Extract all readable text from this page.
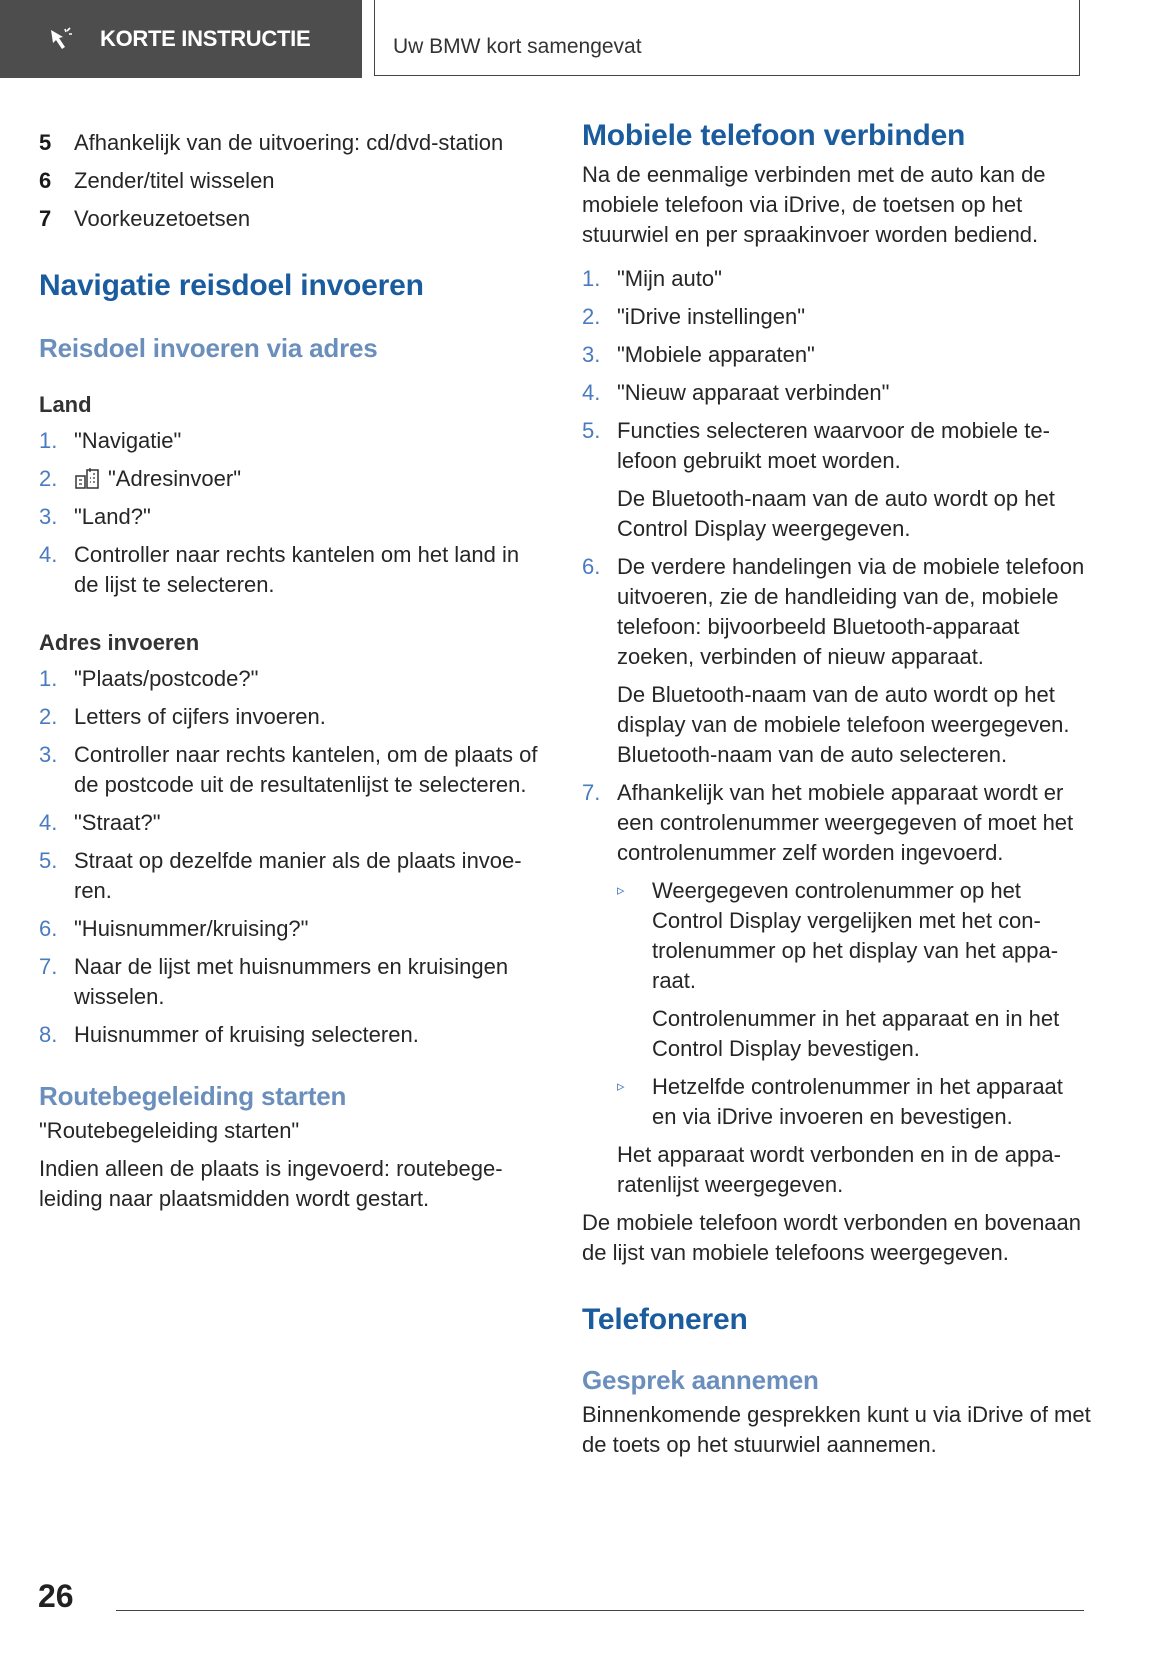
KORTE INSTRUCTIE	Uw BMW kort samengevat
5 Afhankelijk van de uitvoering: cd/dvd-station
6 Zender/titel wisselen
7 Voorkeuzetoetsen
Navigatie reisdoel invoeren
Reisdoel invoeren via adres
Land
1. "Navigatie"
2. "Adresinvoer"
3. "Land?"
4. Controller naar rechts kantelen om het land in de lijst te selecteren.
Adres invoeren
1. "Plaats/postcode?"
2. Letters of cijfers invoeren.
3. Controller naar rechts kantelen, om de plaats of de postcode uit de resultatenlijst te selecteren.
4. "Straat?"
5. Straat op dezelfde manier als de plaats invoeren.
6. "Huisnummer/kruising?"
7. Naar de lijst met huisnummers en kruisingen wisselen.
8. Huisnummer of kruising selecteren.
Routebegeleiding starten

"Routebegeleiding starten"

Indien alleen de plaats is ingevoerd: routebegeleiding naar plaatsmidden wordt gestart.

Mobiele telefoon verbinden

Na de eenmalige verbinden met de auto kan de mobiele telefoon via iDrive, de toetsen op het stuurwiel en per spraakinvoer worden bediend.

1. "Mijn auto"
2. "iDrive instellingen"
3. "Mobiele apparaten"
4. "Nieuw apparaat verbinden"
5. Functies selecteren waarvoor de mobiele telefoon gebruikt moet worden.
De Bluetooth-naam van de auto wordt op het Control Display weergegeven.
6. De verdere handelingen via de mobiele telefoon uitvoeren, zie de handleiding van de, mobiele telefoon: bijvoorbeeld Bluetooth-apparaat zoeken, verbinden of nieuw apparaat.
De Bluetooth-naam van de auto wordt op het display van de mobiele telefoon weergegeven. Bluetooth-naam van de auto selecteren.
7. Afhankelijk van het mobiele apparaat wordt er een controlenummer weergegeven of moet het controlenummer zelf worden ingevoerd.
▹ Weergegeven controlenummer op het Control Display vergelijken met het controlenummer op het display van het apparaat.
Controlenummer in het apparaat en in het Control Display bevestigen.
▹ Hetzelfde controlenummer in het apparaat en via iDrive invoeren en bevestigen.
Het apparaat wordt verbonden en in de apparatenlijst weergegeven.

De mobiele telefoon wordt verbonden en bovenaan de lijst van mobiele telefoons weergegeven.

Telefoneren
Gesprek aannemen

Binnenkomende gesprekken kunt u via iDrive of met de toets op het stuurwiel aannemen.

26
